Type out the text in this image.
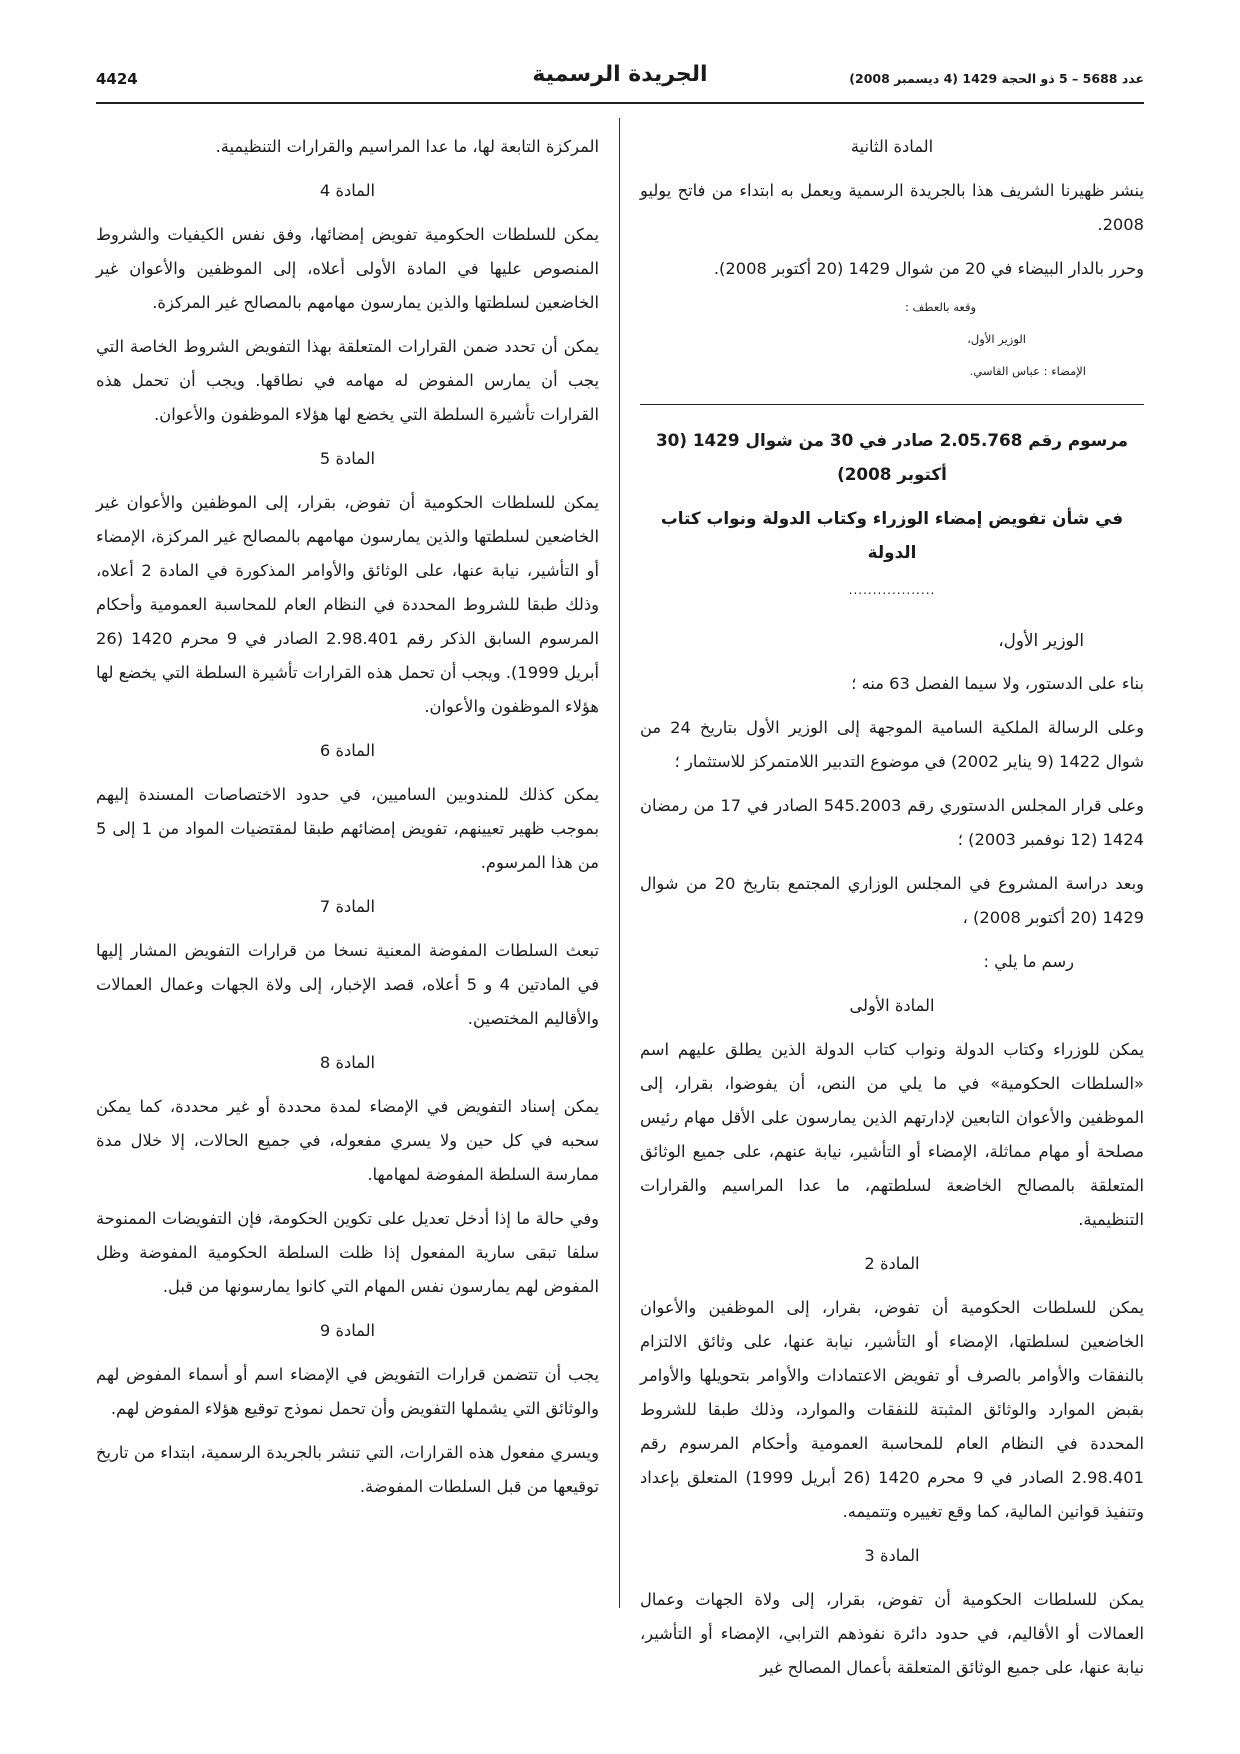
4424	الجريدة الرسمية	عدد 5688 – 5 ذو الحجة 1429 (4 ديسمبر 2008)
المادة الثانية

ينشر ظهيرنا الشريف هذا بالجريدة الرسمية ويعمل به ابتداء من فاتح يوليو 2008.

وحرر بالدار البيضاء في 20 من شوال 1429 (20 أكتوبر 2008).

وقعه بالعطف :

الوزير الأول،

الإمضاء : عباس الفاسي.

مرسوم رقم 2.05.768 صادر في 30 من شوال 1429 (30 أكتوبر 2008)

في شأن تفويض إمضاء الوزراء وكتاب الدولة ونواب كتاب الدولة

..................

الوزير الأول،

بناء على الدستور، ولا سيما الفصل 63 منه ؛

وعلى الرسالة الملكية السامية الموجهة إلى الوزير الأول بتاريخ 24 من شوال 1422 (9 يناير 2002) في موضوع التدبير اللامتمركز للاستثمار ؛

وعلى قرار المجلس الدستوري رقم 545.2003 الصادر في 17 من رمضان 1424 (12 نوفمبر 2003) ؛

وبعد دراسة المشروع في المجلس الوزاري المجتمع بتاريخ 20 من شوال 1429 (20 أكتوبر 2008) ،

رسم ما يلي :

المادة الأولى

يمكن للوزراء وكتاب الدولة ونواب كتاب الدولة الذين يطلق عليهم اسم «السلطات الحكومية» في ما يلي من النص، أن يفوضوا، بقرار، إلى الموظفين والأعوان التابعين لإدارتهم الذين يمارسون على الأقل مهام رئيس مصلحة أو مهام مماثلة، الإمضاء أو التأشير، نيابة عنهم، على جميع الوثائق المتعلقة بالمصالح الخاضعة لسلطتهم، ما عدا المراسيم والقرارات التنظيمية.

المادة 2

يمكن للسلطات الحكومية أن تفوض، بقرار، إلى الموظفين والأعوان الخاضعين لسلطتها، الإمضاء أو التأشير، نيابة عنها، على وثائق الالتزام بالنفقات والأوامر بالصرف أو تفويض الاعتمادات والأوامر بتحويلها والأوامر بقبض الموارد والوثائق المثبتة للنفقات والموارد، وذلك طبقا للشروط المحددة في النظام العام للمحاسبة العمومية وأحكام المرسوم رقم 2.98.401 الصادر في 9 محرم 1420 (26 أبريل 1999) المتعلق بإعداد وتنفيذ قوانين المالية، كما وقع تغييره وتتميمه.

المادة 3

يمكن للسلطات الحكومية أن تفوض، بقرار، إلى ولاة الجهات وعمال العمالات أو الأقاليم، في حدود دائرة نفوذهم الترابي، الإمضاء أو التأشير، نيابة عنها، على جميع الوثائق المتعلقة بأعمال المصالح غير

المركزة التابعة لها، ما عدا المراسيم والقرارات التنظيمية.

المادة 4

يمكن للسلطات الحكومية تفويض إمضائها، وفق نفس الكيفيات والشروط المنصوص عليها في المادة الأولى أعلاه، إلى الموظفين والأعوان غير الخاضعين لسلطتها والذين يمارسون مهامهم بالمصالح غير المركزة.

يمكن أن تحدد ضمن القرارات المتعلقة بهذا التفويض الشروط الخاصة التي يجب أن يمارس المفوض له مهامه في نطاقها. ويجب أن تحمل هذه القرارات تأشيرة السلطة التي يخضع لها هؤلاء الموظفون والأعوان.

المادة 5

يمكن للسلطات الحكومية أن تفوض، بقرار، إلى الموظفين والأعوان غير الخاضعين لسلطتها والذين يمارسون مهامهم بالمصالح غير المركزة، الإمضاء أو التأشير، نيابة عنها، على الوثائق والأوامر المذكورة في المادة 2 أعلاه، وذلك طبقا للشروط المحددة في النظام العام للمحاسبة العمومية وأحكام المرسوم السابق الذكر رقم 2.98.401 الصادر في 9 محرم 1420 (26 أبريل 1999). ويجب أن تحمل هذه القرارات تأشيرة السلطة التي يخضع لها هؤلاء الموظفون والأعوان.

المادة 6

يمكن كذلك للمندوبين الساميين، في حدود الاختصاصات المسندة إليهم بموجب ظهير تعيينهم، تفويض إمضائهم طبقا لمقتضيات المواد من 1 إلى 5 من هذا المرسوم.

المادة 7

تبعث السلطات المفوضة المعنية نسخا من قرارات التفويض المشار إليها في المادتين 4 و 5 أعلاه، قصد الإخبار، إلى ولاة الجهات وعمال العمالات والأقاليم المختصين.

المادة 8

يمكن إسناد التفويض في الإمضاء لمدة محددة أو غير محددة، كما يمكن سحبه في كل حين ولا يسري مفعوله، في جميع الحالات، إلا خلال مدة ممارسة السلطة المفوضة لمهامها.

وفي حالة ما إذا أدخل تعديل على تكوين الحكومة، فإن التفويضات الممنوحة سلفا تبقى سارية المفعول إذا ظلت السلطة الحكومية المفوضة وظل المفوض لهم يمارسون نفس المهام التي كانوا يمارسونها من قبل.

المادة 9

يجب أن تتضمن قرارات التفويض في الإمضاء اسم أو أسماء المفوض لهم والوثائق التي يشملها التفويض وأن تحمل نموذج توقيع هؤلاء المفوض لهم.

ويسري مفعول هذه القرارات، التي تنشر بالجريدة الرسمية، ابتداء من تاريخ توقيعها من قبل السلطات المفوضة.
